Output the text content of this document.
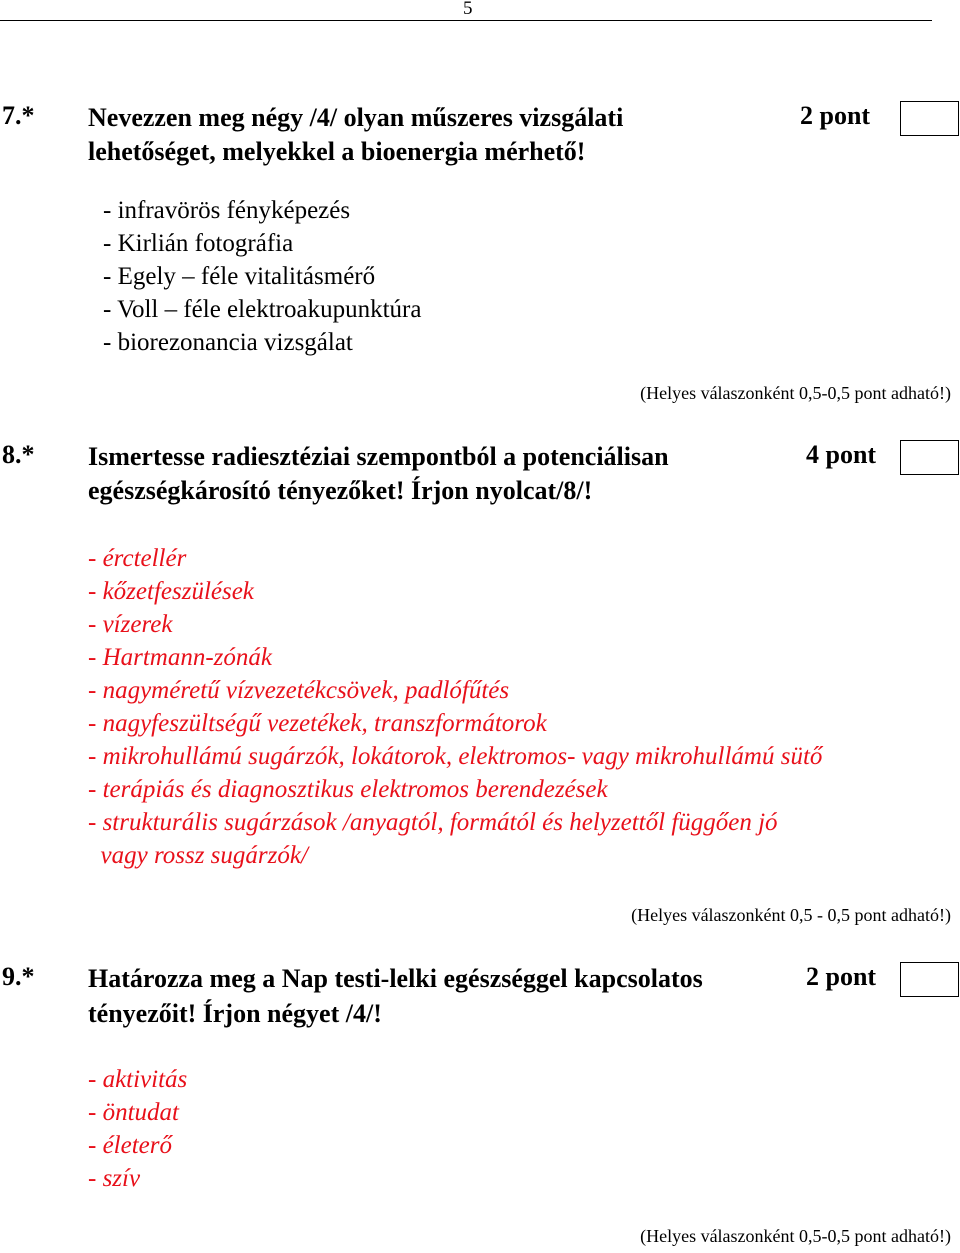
5
7.* Nevezzen meg négy /4/ olyan műszeres vizsgálati
lehetőséget, melyekkel a bioenergia mérhető!
2 pont
- infravörös fényképezés
- Kirlián fotográfia
- Egely – féle vitalitásmérő
- Voll – féle elektroakupunktúra
- biorezonancia vizsgálat
(Helyes válaszonként 0,5-0,5 pont adható!)
8.* Ismertesse radiesztéziai szempontból a potenciálisan
egészségkárosító tényezőket! Írjon nyolcat/8/!
4 pont
- érctellér
- kőzetfeszülések
- vízerek
- Hartmann-zónák
- nagyméretű vízvezetékcsövek, padlófűtés
- nagyfeszültségű vezetékek, transzformátorok
- mikrohullámú sugárzók, lokátorok, elektromos- vagy mikrohullámú sütő
- terápiás és diagnosztikus elektromos berendezések
- strukturális sugárzások /anyagtól, formától és helyzettől függően jó
vagy rossz sugárzók/
(Helyes válaszonként 0,5 - 0,5 pont adható!)
9.* Határozza meg a Nap testi-lelki egészséggel kapcsolatos
tényezőit! Írjon négyet /4/!
2 pont
- aktivitás
- öntudat
- életerő
- szív
(Helyes válaszonként 0,5-0,5 pont adható!)
